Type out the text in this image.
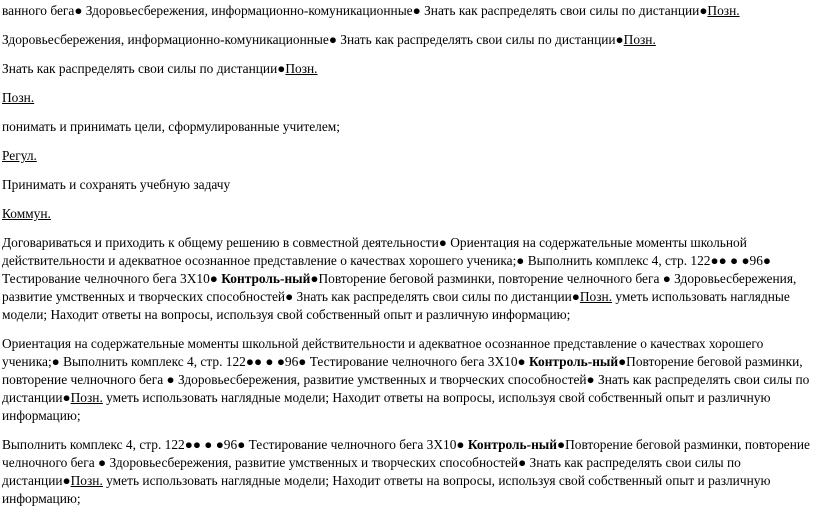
ванного бега● Здоровьесбережения, информационно-комуникационные● Знать как распределять свои силы по дистанции●Позн.

Здоровьесбережения, информационно-комуникационные● Знать как распределять свои силы по дистанции●Позн.

Знать как распределять свои силы по дистанции●Позн.

Позн.

понимать и принимать цели, сформулированные учителем;

Регул.

Принимать и сохранять учебную задачу

Коммун.

Договариваться и приходить к общему решению в совместной деятельности● Ориентация на содержательные моменты школьной действительности и адекватное осознанное представление о качествах хорошего ученика;● Выполнить комплекс 4, стр. 122●● ● ●96● Тестирование челночного бега 3Х10● Контроль-ный●Повторение беговой разминки, повторение челночного бега ● Здоровьесбережения, развитие умственных и творческих способностей● Знать как распределять свои силы по дистанции●Позн. уметь использовать наглядные модели; Находит ответы на вопросы, используя свой собственный опыт и различную информацию;

Ориентация на содержательные моменты школьной действительности и адекватное осознанное представление о качествах хорошего ученика;● Выполнить комплекс 4, стр. 122●● ● ●96● Тестирование челночного бега 3Х10● Контроль-ный●Повторение беговой разминки, повторение челночного бега ● Здоровьесбережения, развитие умственных и творческих способностей● Знать как распределять свои силы по дистанции●Позн. уметь использовать наглядные модели; Находит ответы на вопросы, используя свой собственный опыт и различную информацию;

Выполнить комплекс 4, стр. 122●● ● ●96● Тестирование челночного бега 3Х10● Контроль-ный●Повторение беговой разминки, повторение челночного бега ● Здоровьесбережения, развитие умственных и творческих способностей● Знать как распределять свои силы по дистанции●Позн. уметь использовать наглядные модели; Находит ответы на вопросы, используя свой собственный опыт и различную информацию;
